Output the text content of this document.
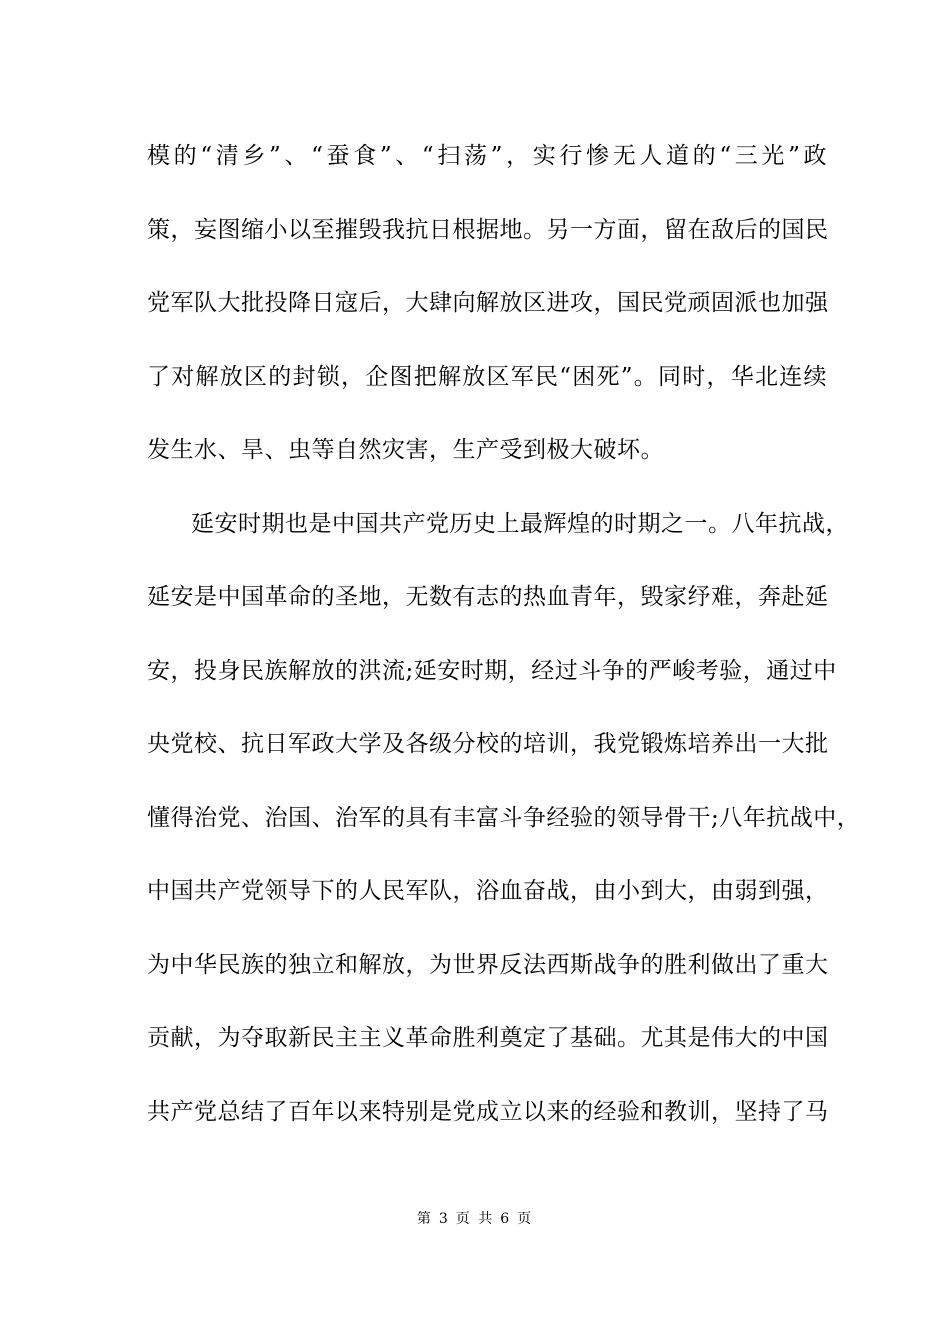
模的“清乡”、“蚕食”、“扫荡”，实行惨无人道的“三光”政
策，妄图缩小以至摧毁我抗日根据地。另一方面，留在敌后的国民
党军队大批投降日寇后，大肆向解放区进攻，国民党顽固派也加强
了对解放区的封锁，企图把解放区军民“困死”。同时，华北连续
发生水、旱、虫等自然灾害，生产受到极大破坏。
延安时期也是中国共产党历史上最辉煌的时期之一。八年抗战，
延安是中国革命的圣地，无数有志的热血青年，毁家纾难，奔赴延
安，投身民族解放的洪流;延安时期，经过斗争的严峻考验，通过中
央党校、抗日军政大学及各级分校的培训，我党锻炼培养出一大批
懂得治党、治国、治军的具有丰富斗争经验的领导骨干;八年抗战中，
中国共产党领导下的人民军队，浴血奋战，由小到大，由弱到强，
为中华民族的独立和解放，为世界反法西斯战争的胜利做出了重大
贡献，为夺取新民主主义革命胜利奠定了基础。尤其是伟大的中国
共产党总结了百年以来特别是党成立以来的经验和教训，坚持了马
第 3 页 共 6 页
